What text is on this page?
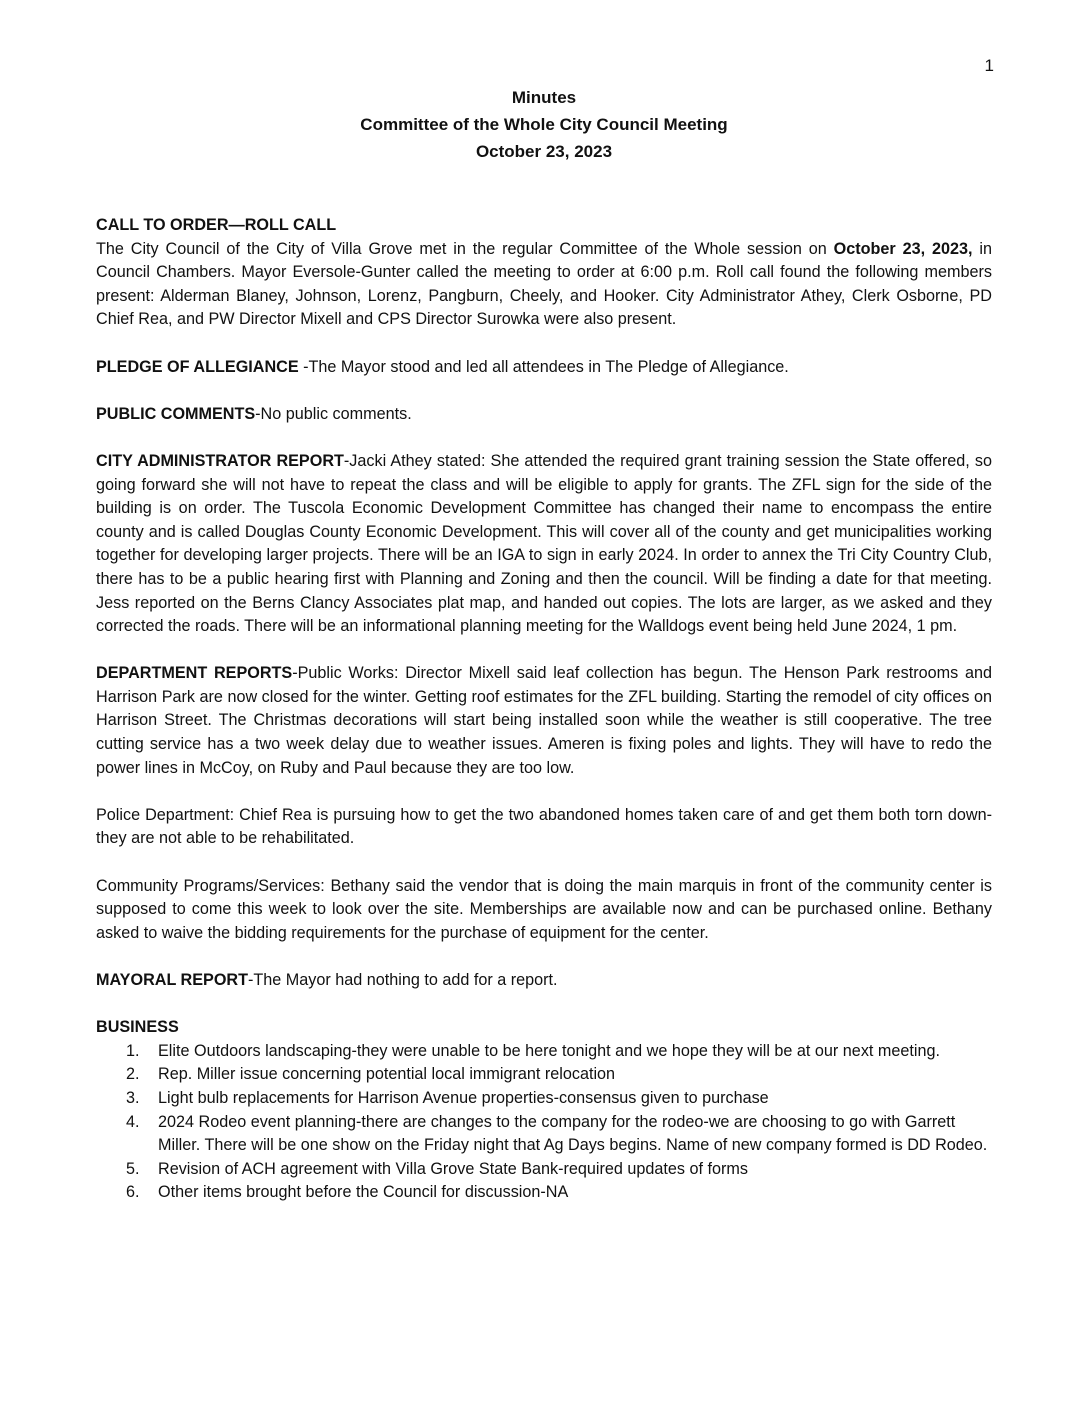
1
Minutes
Committee of the Whole City Council Meeting
October 23, 2023

CALL TO ORDER—ROLL CALL
The City Council of the City of Villa Grove met in the regular Committee of the Whole session on October 23, 2023, in Council Chambers. Mayor Eversole-Gunter called the meeting to order at 6:00 p.m. Roll call found the following members present: Alderman Blaney, Johnson, Lorenz, Pangburn, Cheely, and Hooker. City Administrator Athey, Clerk Osborne, PD Chief Rea, and PW Director Mixell and CPS Director Surowka were also present.

PLEDGE OF ALLEGIANCE -The Mayor stood and led all attendees in The Pledge of Allegiance.

PUBLIC COMMENTS-No public comments.

CITY ADMINISTRATOR REPORT-Jacki Athey stated: She attended the required grant training session the State offered, so going forward she will not have to repeat the class and will be eligible to apply for grants. The ZFL sign for the side of the building is on order. The Tuscola Economic Development Committee has changed their name to encompass the entire county and is called Douglas County Economic Development. This will cover all of the county and get municipalities working together for developing larger projects. There will be an IGA to sign in early 2024. In order to annex the Tri City Country Club, there has to be a public hearing first with Planning and Zoning and then the council. Will be finding a date for that meeting. Jess reported on the Berns Clancy Associates plat map, and handed out copies. The lots are larger, as we asked and they corrected the roads. There will be an informational planning meeting for the Walldogs event being held June 2024, 1 pm.

DEPARTMENT REPORTS-Public Works: Director Mixell said leaf collection has begun. The Henson Park restrooms and Harrison Park are now closed for the winter. Getting roof estimates for the ZFL building. Starting the remodel of city offices on Harrison Street. The Christmas decorations will start being installed soon while the weather is still cooperative. The tree cutting service has a two week delay due to weather issues. Ameren is fixing poles and lights. They will have to redo the power lines in McCoy, on Ruby and Paul because they are too low.

Police Department: Chief Rea is pursuing how to get the two abandoned homes taken care of and get them both torn down-they are not able to be rehabilitated.

Community Programs/Services: Bethany said the vendor that is doing the main marquis in front of the community center is supposed to come this week to look over the site. Memberships are available now and can be purchased online. Bethany asked to waive the bidding requirements for the purchase of equipment for the center.

MAYORAL REPORT-The Mayor had nothing to add for a report.

BUSINESS
1. Elite Outdoors landscaping-they were unable to be here tonight and we hope they will be at our next meeting.
2. Rep. Miller issue concerning potential local immigrant relocation
3. Light bulb replacements for Harrison Avenue properties-consensus given to purchase
4. 2024 Rodeo event planning-there are changes to the company for the rodeo-we are choosing to go with Garrett Miller. There will be one show on the Friday night that Ag Days begins. Name of new company formed is DD Rodeo.
5. Revision of ACH agreement with Villa Grove State Bank-required updates of forms
6. Other items brought before the Council for discussion-NA
